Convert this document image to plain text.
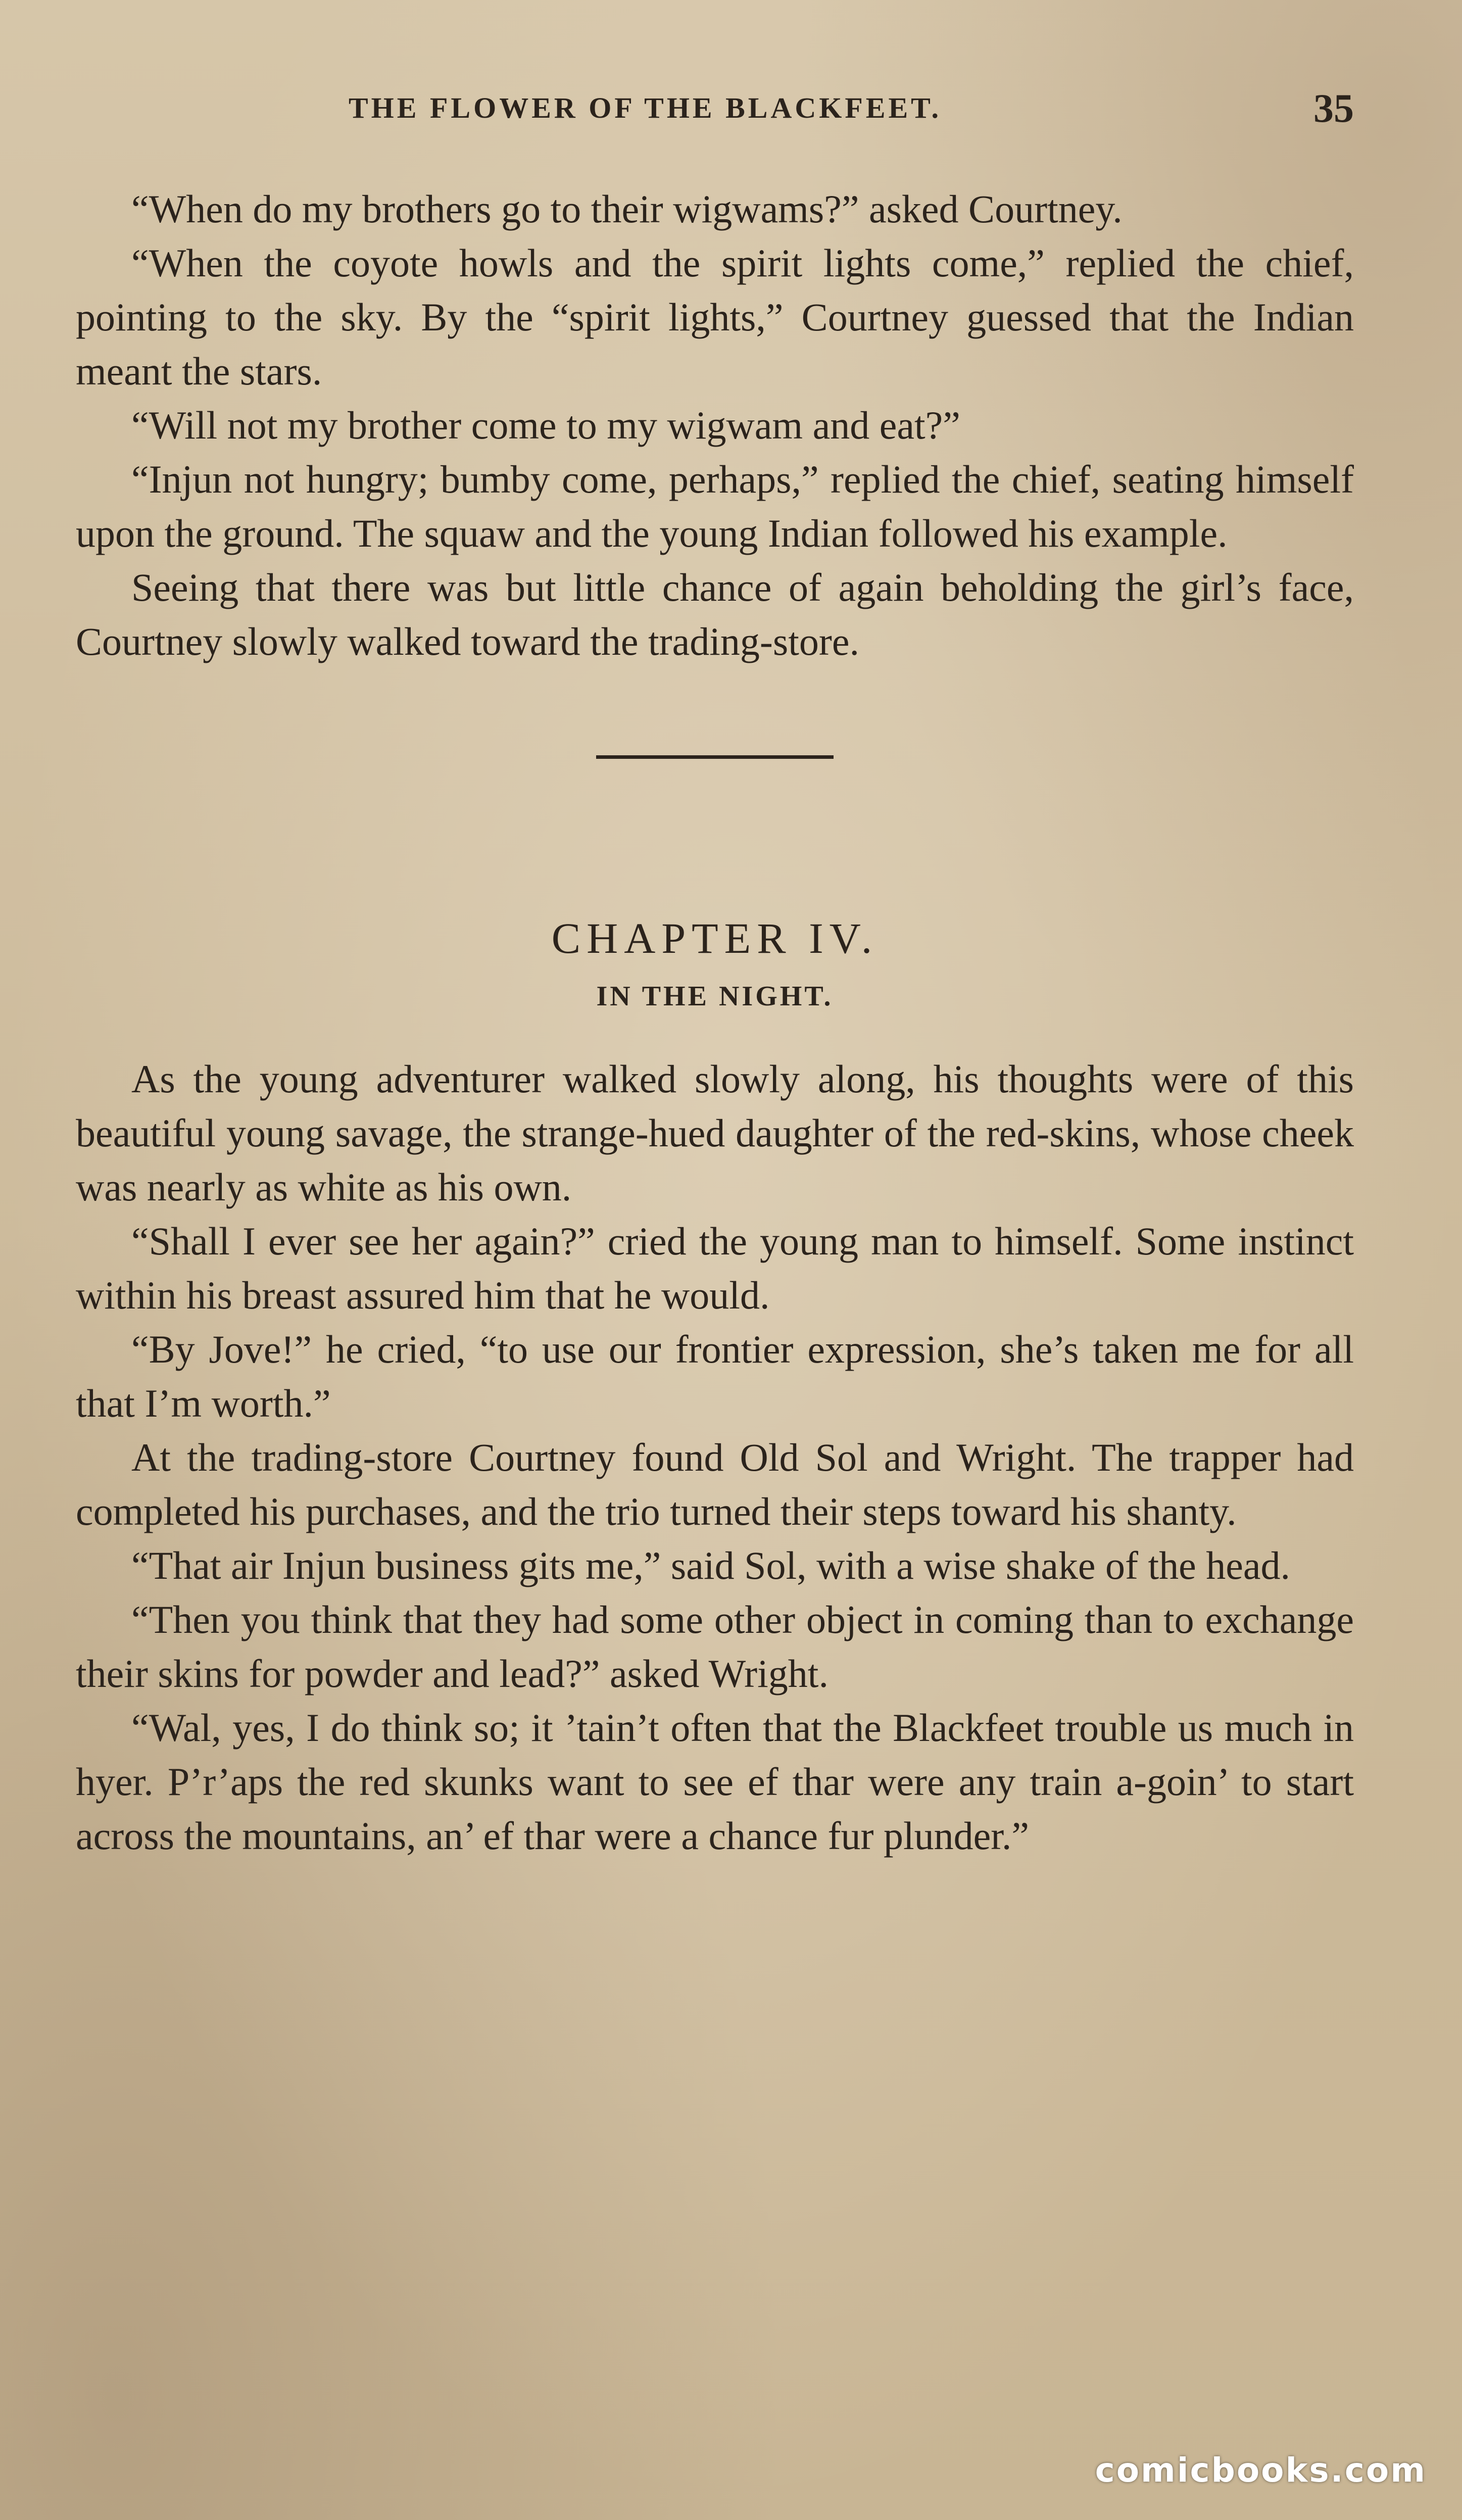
THE FLOWER OF THE BLACKFEET.	35

“When do my brothers go to their wigwams?” asked Courtney.

“When the coyote howls and the spirit lights come,” replied the chief, pointing to the sky. By the “spirit lights,” Courtney guessed that the Indian meant the stars.

“Will not my brother come to my wigwam and eat?”

“Injun not hungry; bumby come, perhaps,” replied the chief, seating himself upon the ground. The squaw and the young Indian followed his example.

Seeing that there was but little chance of again beholding the girl’s face, Courtney slowly walked toward the trading-store.

CHAPTER IV.
IN THE NIGHT.

As the young adventurer walked slowly along, his thoughts were of this beautiful young savage, the strange-hued daughter of the red-skins, whose cheek was nearly as white as his own.

“Shall I ever see her again?” cried the young man to himself. Some instinct within his breast assured him that he would.

“By Jove!” he cried, “to use our frontier expression, she’s taken me for all that I’m worth.”

At the trading-store Courtney found Old Sol and Wright. The trapper had completed his purchases, and the trio turned their steps toward his shanty.

“That air Injun business gits me,” said Sol, with a wise shake of the head.

“Then you think that they had some other object in coming than to exchange their skins for powder and lead?” asked Wright.

“Wal, yes, I do think so; it ’tain’t often that the Blackfeet trouble us much in hyer. P’r’aps the red skunks want to see ef thar were any train a-goin’ to start across the mountains, an’ ef thar were a chance fur plunder.”

comicbooks.com
